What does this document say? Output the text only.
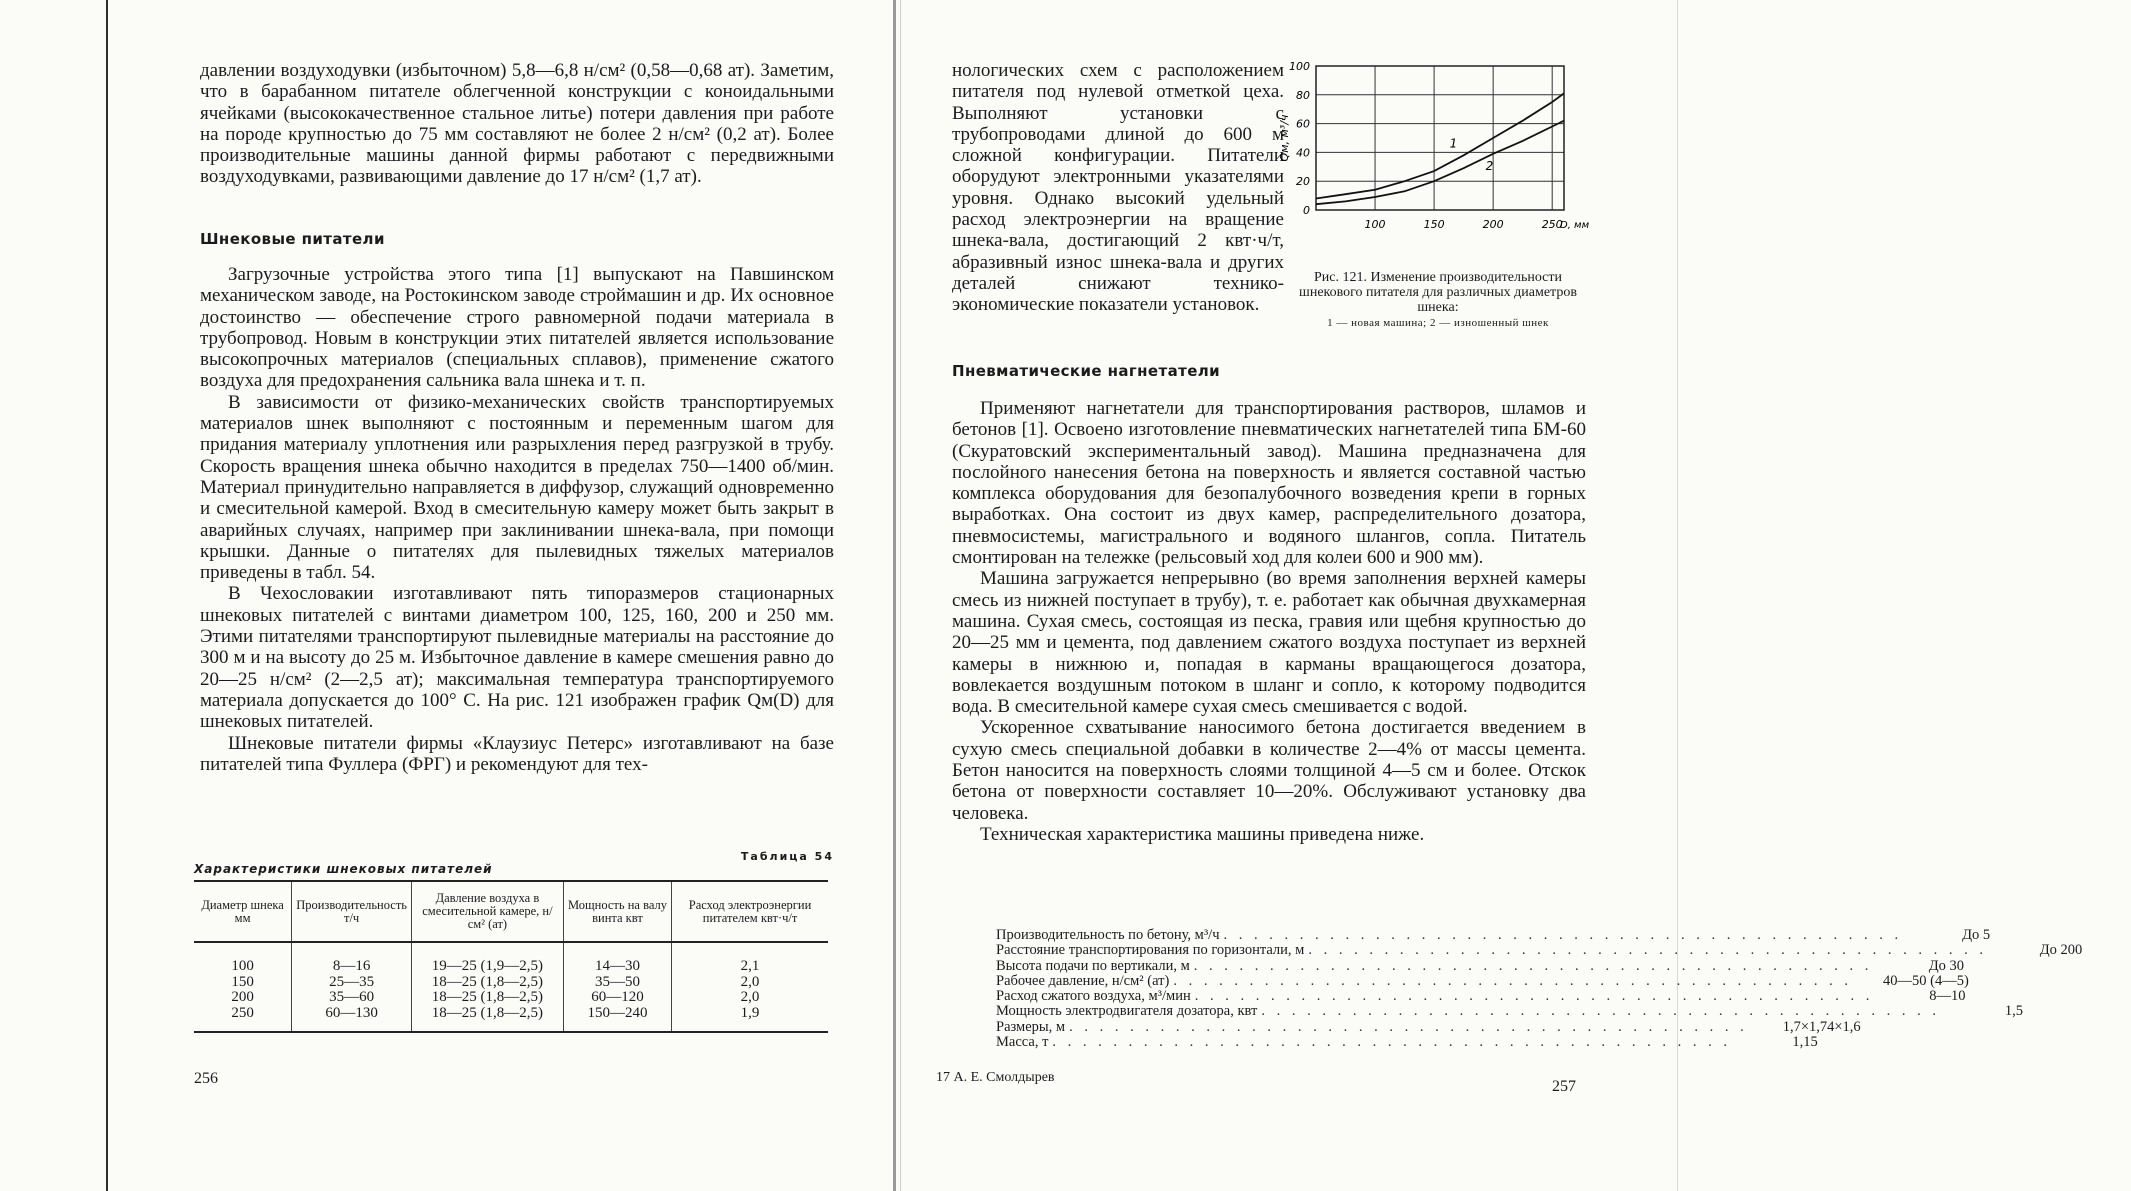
давлении воздуходувки (избыточном) 5,8—6,8 н/см² (0,58—0,68 ат). Заметим, что в барабанном питателе облегченной конструкции с коноидальными ячейками (высококачественное стальное литье) потери давления при работе на породе крупностью до 75 мм составляют не более 2 н/см² (0,2 ат). Более производительные машины данной фирмы работают с передвижными воздуходувками, развивающими давление до 17 н/см² (1,7 ат).

Шнековые питатели

Загрузочные устройства этого типа [1] выпускают на Павшинском механическом заводе, на Ростокинском заводе строймашин и др. Их основное достоинство — обеспечение строго равномерной подачи материала в трубопровод. Новым в конструкции этих питателей является использование высокопрочных материалов (специальных сплавов), применение сжатого воздуха для предохранения сальника вала шнека и т. п.

В зависимости от физико-механических свойств транспортируемых материалов шнек выполняют с постоянным и переменным шагом для придания материалу уплотнения или разрыхления перед разгрузкой в трубу. Скорость вращения шнека обычно находится в пределах 750—1400 об/мин. Материал принудительно направляется в диффузор, служащий одновременно и смесительной камерой. Вход в смесительную камеру может быть закрыт в аварийных случаях, например при заклинивании шнека-вала, при помощи крышки. Данные о питателях для пылевидных тяжелых материалов приведены в табл. 54.

В Чехословакии изготавливают пять типоразмеров стационарных шнековых питателей с винтами диаметром 100, 125, 160, 200 и 250 мм. Этими питателями транспортируют пылевидные материалы на расстояние до 300 м и на высоту до 25 м. Избыточное давление в камере смешения равно до 20—25 н/см² (2—2,5 ат); максимальная температура транспортируемого материала допускается до 100° С. На рис. 121 изображен график Qм(D) для шнековых питателей.

Шнековые питатели фирмы «Клаузиус Петерс» изготавливают на базе питателей типа Фуллера (ФРГ) и рекомендуют для тех-

Характеристики шнековых питателей
Таблица 54
Диаметр шнека мм	Производительность т/ч	Давление воздуха в смесительной камере, н/см² (ат)	Мощность на валу винта квт	Расход электроэнергии питателем квт·ч/т
100	8—16	19—25 (1,9—2,5)	14—30	2,1
150	25—35	18—25 (1,8—2,5)	35—50	2,0
200	35—60	18—25 (1,8—2,5)	60—120	2,0
250	60—130	18—25 (1,8—2,5)	150—240	1,9
256

нологических схем с расположением питателя под нулевой отметкой цеха. Выполняют установки с трубопроводами длиной до 600 м сложной конфигурации. Питатели оборудуют электронными указателями уровня. Однако высокий удельный расход электроэнергии на вращение шнека-вала, достигающий 2 квт·ч/т, абразивный износ шнека-вала и других деталей снижают технико-экономические показатели установок.

0
20
40
60
80
100
100	150	200	250
D, мм
Qм, м³/ч	1
2

Рис. 121. Изменение производительности шнекового питателя для различных диаметров шнека:

1 — новая машина; 2 — изношенный шнек

Пневматические нагнетатели

Применяют нагнетатели для транспортирования растворов, шламов и бетонов [1]. Освоено изготовление пневматических нагнетателей типа БМ-60 (Скуратовский экспериментальный завод). Машина предназначена для послойного нанесения бетона на поверхность и является составной частью комплекса оборудования для безопалубочного возведения крепи в горных выработках. Она состоит из двух камер, распределительного дозатора, пневмосистемы, магистрального и водяного шлангов, сопла. Питатель смонтирован на тележке (рельсовый ход для колеи 600 и 900 мм).

Машина загружается непрерывно (во время заполнения верхней камеры смесь из нижней поступает в трубу), т. е. работает как обычная двухкамерная машина. Сухая смесь, состоящая из песка, гравия или щебня крупностью до 20—25 мм и цемента, под давлением сжатого воздуха поступает из верхней камеры в нижнюю и, попадая в карманы вращающегося дозатора, вовлекается воздушным потоком в шланг и сопло, к которому подводится вода. В смесительной камере сухая смесь смешивается с водой.

Ускоренное схватывание наносимого бетона достигается введением в сухую смесь специальной добавки в количестве 2—4% от массы цемента. Бетон наносится на поверхность слоями толщиной 4—5 см и более. Отскок бетона от поверхности составляет 10—20%. Обслуживают установку два человека.

Техническая характеристика машины приведена ниже.

Производительность по бетону, м³/ч . . .	До 5
Расстояние транспортирования по горизонтали, м . . .	До 200
Высота подачи по вертикали, м . . .	До 30
Рабочее давление, н/см² (ат) . . .	40—50 (4—5)
Расход сжатого воздуха, м³/мин . . .	8—10
Мощность электродвигателя дозатора, квт . . .	1,5
Размеры, м . . .	1,7×1,74×1,6
Масса, т . . .	1,15
17 А. Е. Смолдырев
257
